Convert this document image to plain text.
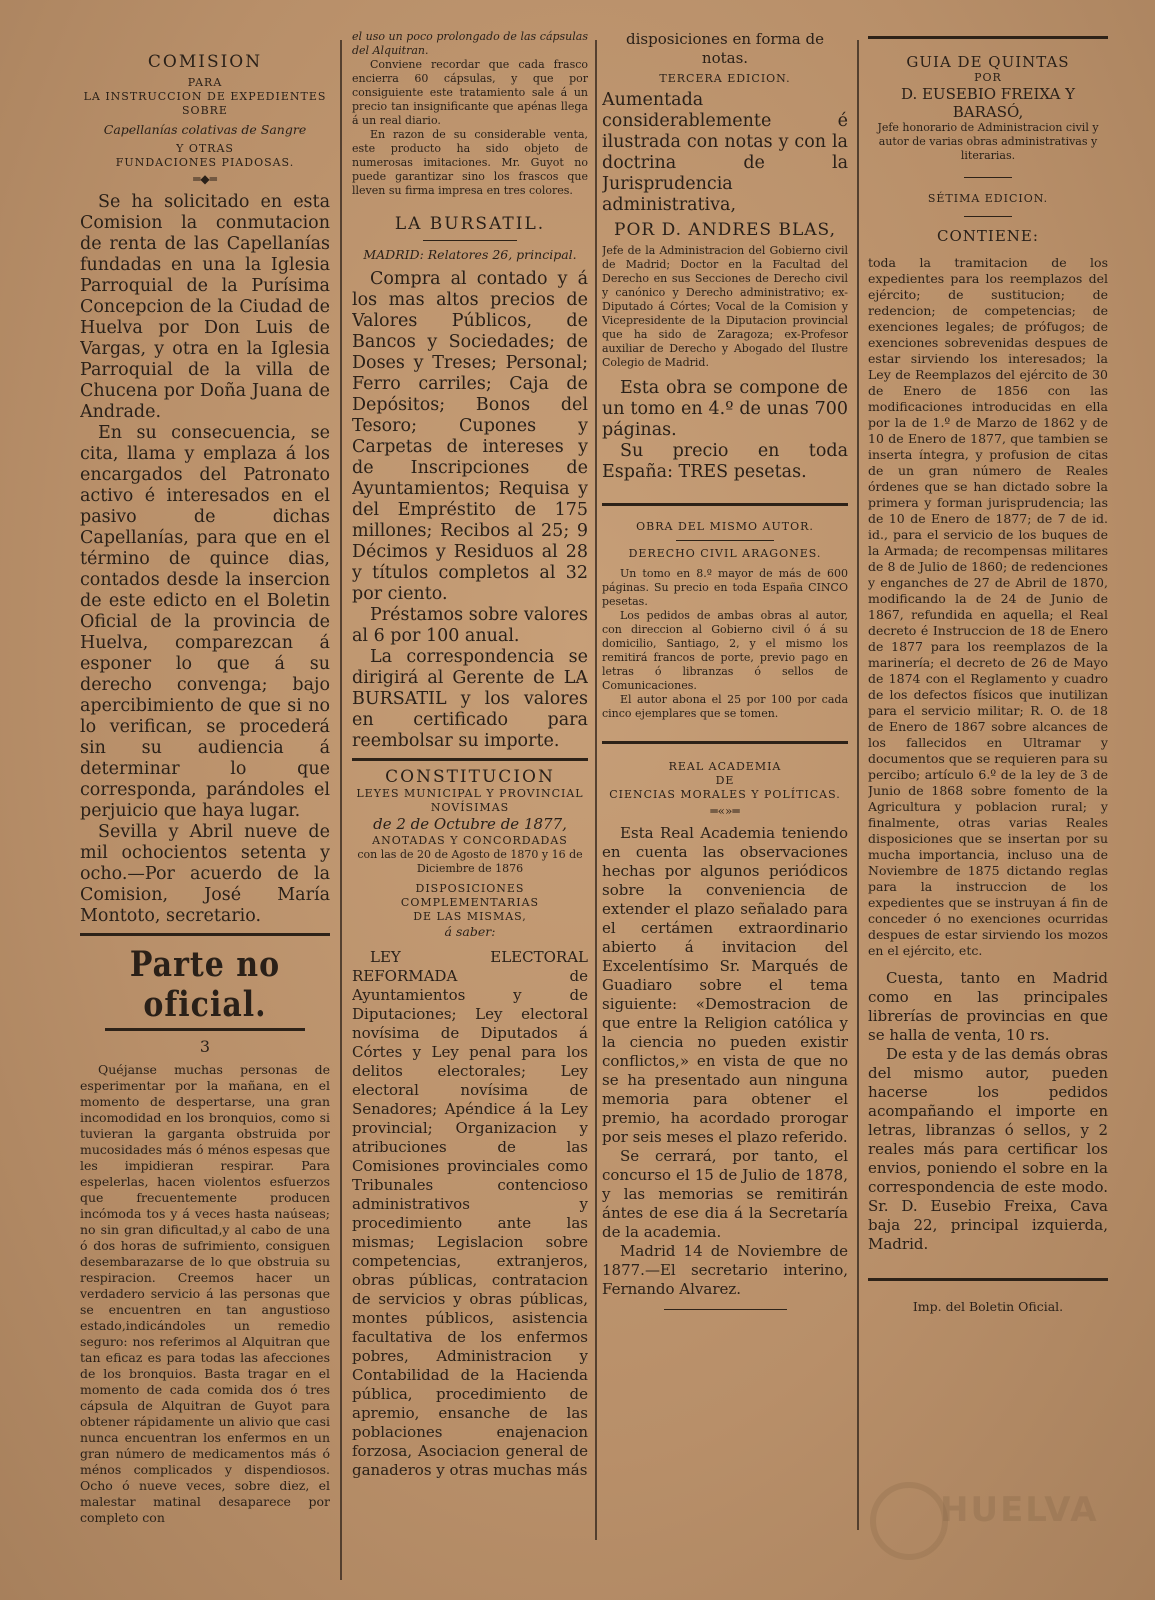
COMISION

PARA

LA INSTRUCCION DE EXPEDIENTES

SOBRE

Capellanías colativas de Sangre

Y OTRAS

FUNDACIONES PIADOSAS.

═◆═

Se ha solicitado en esta Comision la conmutacion de renta de las Capellanías fundadas en una la Iglesia Parroquial de la Purísima Concepcion de la Ciudad de Huelva por Don Luis de Vargas, y otra en la Iglesia Parroquial de la villa de Chucena por Doña Juana de Andrade.

En su consecuencia, se cita, llama y emplaza á los encargados del Patronato activo é interesados en el pasivo de dichas Capellanías, para que en el término de quince dias, contados desde la insercion de este edicto en el Boletin Oficial de la provincia de Huelva, comparezcan á esponer lo que á su derecho convenga; bajo apercibimiento de que si no lo verifican, se procederá sin su audiencia á determinar lo que corresponda, parándoles el perjuicio que haya lugar.

Sevilla y Abril nueve de mil ochocientos setenta y ocho.—Por acuerdo de la Comision, José María Montoto, secretario.

Parte no oficial.

3

Quéjanse muchas personas de esperimentar por la mañana, en el momento de despertarse, una gran incomodidad en los bronquios, como si tuvieran la garganta obstruida por mucosidades más ó ménos espesas que les impidieran respirar. Para espelerlas, hacen violentos esfuerzos que frecuentemente producen incómoda tos y á veces hasta naúseas; no sin gran dificultad,y al cabo de una ó dos horas de sufrimiento, consiguen desembarazarse de lo que obstruia su respiracion. Creemos hacer un verdadero servicio á las personas que se encuentren en tan angustioso estado,indicándoles un remedio seguro: nos referimos al Alquitran que tan eficaz es para todas las afecciones de los bronquios. Basta tragar en el momento de cada comida dos ó tres cápsula de Alquitran de Guyot para obtener rápidamente un alivio que casi nunca encuentran los enfermos en un gran número de medicamentos más ó ménos complicados y dispendiosos. Ocho ó nueve veces, sobre diez, el malestar matinal desaparece por completo con

el uso un poco prolongado de las cápsulas del Alquitran.

Conviene recordar que cada frasco encierra 60 cápsulas, y que por consiguiente este tratamiento sale á un precio tan insignificante que apénas llega á un real diario.

En razon de su considerable venta, este producto ha sido objeto de numerosas imitaciones. Mr. Guyot no puede garantizar sino los frascos que lleven su firma impresa en tres colores.

LA BURSATIL.

MADRID: Relatores 26, principal.

Compra al contado y á los mas altos precios de Valores Públicos, de Bancos y Sociedades; de Doses y Treses; Personal; Ferro carriles; Caja de Depósitos; Bonos del Tesoro; Cupones y Carpetas de intereses y de Inscripciones de Ayuntamientos; Requisa y del Empréstito de 175 millones; Recibos al 25; 9 Décimos y Residuos al 28 y títulos completos al 32 por ciento.

Préstamos sobre valores al 6 por 100 anual.

La correspondencia se dirigirá al Gerente de LA BURSATIL y los valores en certificado para reembolsar su importe.

CONSTITUCION

LEYES MUNICIPAL Y PROVINCIAL

NOVÍSIMAS

de 2 de Octubre de 1877,

ANOTADAS Y CONCORDADAS

con las de 20 de Agosto de 1870 y 16 de Diciembre de 1876

DISPOSICIONES COMPLEMENTARIAS

DE LAS MISMAS,

á saber:

LEY ELECTORAL REFORMADA de Ayuntamientos y de Diputaciones; Ley electoral novísima de Diputados á Córtes y Ley penal para los delitos electorales; Ley electoral novísima de Senadores; Apéndice á la Ley provincial; Organizacion y atribuciones de las Comisiones provinciales como Tribunales contencioso administrativos y procedimiento ante las mismas; Legislacion sobre competencias, extranjeros, obras públicas, contratacion de servicios y obras públicas, montes públicos, asistencia facultativa de los enfermos pobres, Administracion y Contabilidad de la Hacienda pública, procedimiento de apremio, ensanche de las poblaciones enajenacion forzosa, Asociacion general de ganaderos y otras muchas más

disposiciones en forma de notas.

TERCERA EDICION.

Aumentada considerablemente é ilustrada con notas y con la doctrina de la Jurisprudencia administrativa,

POR D. ANDRES BLAS,

Jefe de la Administracion del Gobierno civil de Madrid; Doctor en la Facultad del Derecho en sus Secciones de Derecho civil y canónico y Derecho administrativo; ex-Diputado á Córtes; Vocal de la Comision y Vicepresidente de la Diputacion provincial que ha sido de Zaragoza; ex-Profesor auxiliar de Derecho y Abogado del Ilustre Colegio de Madrid.

Esta obra se compone de un tomo en 4.º de unas 700 páginas.

Su precio en toda España: TRES pesetas.

OBRA DEL MISMO AUTOR.

DERECHO CIVIL ARAGONES.

Un tomo en 8.º mayor de más de 600 páginas. Su precio en toda España CINCO pesetas.

Los pedidos de ambas obras al autor, con direccion al Gobierno civil ó á su domicilio, Santiago, 2, y el mismo los remitirá francos de porte, previo pago en letras ó libranzas ó sellos de Comunicaciones.

El autor abona el 25 por 100 por cada cinco ejemplares que se tomen.

REAL ACADEMIA

DE

CIENCIAS MORALES Y POLÍTICAS.

═«»═

Esta Real Academia teniendo en cuenta las observaciones hechas por algunos periódicos sobre la conveniencia de extender el plazo señalado para el certámen extraordinario abierto á invitacion del Excelentísimo Sr. Marqués de Guadiaro sobre el tema siguiente: «Demostracion de que entre la Religion católica y la ciencia no pueden existir conflictos,» en vista de que no se ha presentado aun ninguna memoria para obtener el premio, ha acordado prorogar por seis meses el plazo referido.

Se cerrará, por tanto, el concurso el 15 de Julio de 1878, y las memorias se remitirán ántes de ese dia á la Secretaría de la academia.

Madrid 14 de Noviembre de 1877.—El secretario interino, Fernando Alvarez.

GUIA DE QUINTAS

POR

D. EUSEBIO FREIXA Y BARASÓ,

Jefe honorario de Administracion civil y autor de varias obras administrativas y literarias.

SÉTIMA EDICION.

CONTIENE:

toda la tramitacion de los expedientes para los reemplazos del ejército; de sustitucion; de redencion; de competencias; de exenciones legales; de prófugos; de exenciones sobrevenidas despues de estar sirviendo los interesados; la Ley de Reemplazos del ejército de 30 de Enero de 1856 con las modificaciones introducidas en ella por la de 1.º de Marzo de 1862 y de 10 de Enero de 1877, que tambien se inserta íntegra, y profusion de citas de un gran número de Reales órdenes que se han dictado sobre la primera y forman jurisprudencia; las de 10 de Enero de 1877; de 7 de id. id., para el servicio de los buques de la Armada; de recompensas militares de 8 de Julio de 1860; de redenciones y enganches de 27 de Abril de 1870, modificando la de 24 de Junio de 1867, refundida en aquella; el Real decreto é Instruccion de 18 de Enero de 1877 para los reemplazos de la marinería; el decreto de 26 de Mayo de 1874 con el Reglamento y cuadro de los defectos físicos que inutilizan para el servicio militar; R. O. de 18 de Enero de 1867 sobre alcances de los fallecidos en Ultramar y documentos que se requieren para su percibo; artículo 6.º de la ley de 3 de Junio de 1868 sobre fomento de la Agricultura y poblacion rural; y finalmente, otras varias Reales disposiciones que se insertan por su mucha importancia, incluso una de Noviembre de 1875 dictando reglas para la instruccion de los expedientes que se instruyan á fin de conceder ó no exenciones ocurridas despues de estar sirviendo los mozos en el ejército, etc.

Cuesta, tanto en Madrid como en las principales librerías de provincias en que se halla de venta, 10 rs.

De esta y de las demás obras del mismo autor, pueden hacerse los pedidos acompañando el importe en letras, libranzas ó sellos, y 2 reales más para certificar los envios, poniendo el sobre en la correspondencia de este modo. Sr. D. Eusebio Freixa, Cava baja 22, principal izquierda, Madrid.

Imp. del Boletin Oficial.

HUELVA
